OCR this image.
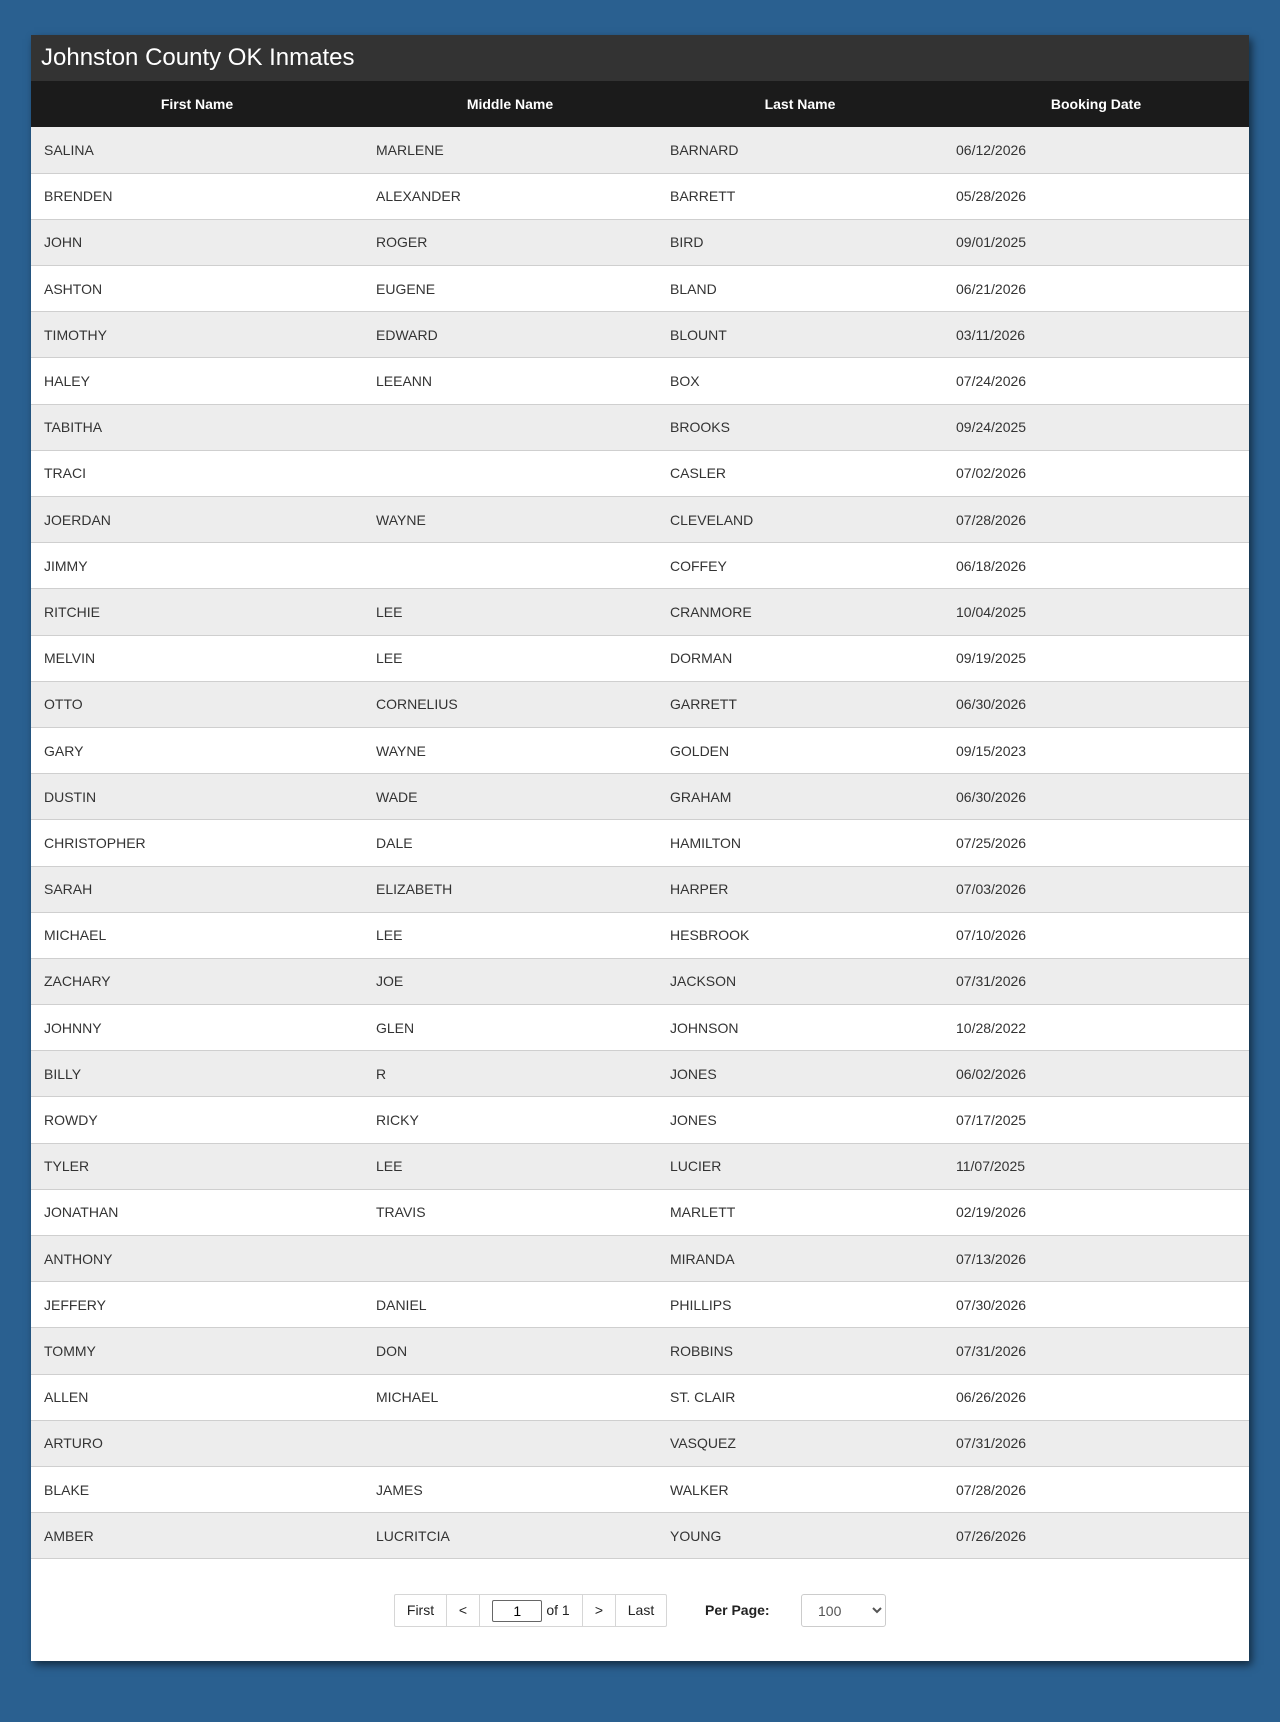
Johnston County OK Inmates
First Name	Middle Name	Last Name	Booking Date
SALINA	MARLENE	BARNARD	06/12/2026
BRENDEN	ALEXANDER	BARRETT	05/28/2026
JOHN	ROGER	BIRD	09/01/2025
ASHTON	EUGENE	BLAND	06/21/2026
TIMOTHY	EDWARD	BLOUNT	03/11/2026
HALEY	LEEANN	BOX	07/24/2026
TABITHA		BROOKS	09/24/2025
TRACI		CASLER	07/02/2026
JOERDAN	WAYNE	CLEVELAND	07/28/2026
JIMMY		COFFEY	06/18/2026
RITCHIE	LEE	CRANMORE	10/04/2025
MELVIN	LEE	DORMAN	09/19/2025
OTTO	CORNELIUS	GARRETT	06/30/2026
GARY	WAYNE	GOLDEN	09/15/2023
DUSTIN	WADE	GRAHAM	06/30/2026
CHRISTOPHER	DALE	HAMILTON	07/25/2026
SARAH	ELIZABETH	HARPER	07/03/2026
MICHAEL	LEE	HESBROOK	07/10/2026
ZACHARY	JOE	JACKSON	07/31/2026
JOHNNY	GLEN	JOHNSON	10/28/2022
BILLY	R	JONES	06/02/2026
ROWDY	RICKY	JONES	07/17/2025
TYLER	LEE	LUCIER	11/07/2025
JONATHAN	TRAVIS	MARLETT	02/19/2026
ANTHONY		MIRANDA	07/13/2026
JEFFERY	DANIEL	PHILLIPS	07/30/2026
TOMMY	DON	ROBBINS	07/31/2026
ALLEN	MICHAEL	ST. CLAIR	06/26/2026
ARTURO		VASQUEZ	07/31/2026
BLAKE	JAMES	WALKER	07/28/2026
AMBER	LUCRITCIA	YOUNG	07/26/2026
First	<
1	of 1	>	Last	Per Page:
100
